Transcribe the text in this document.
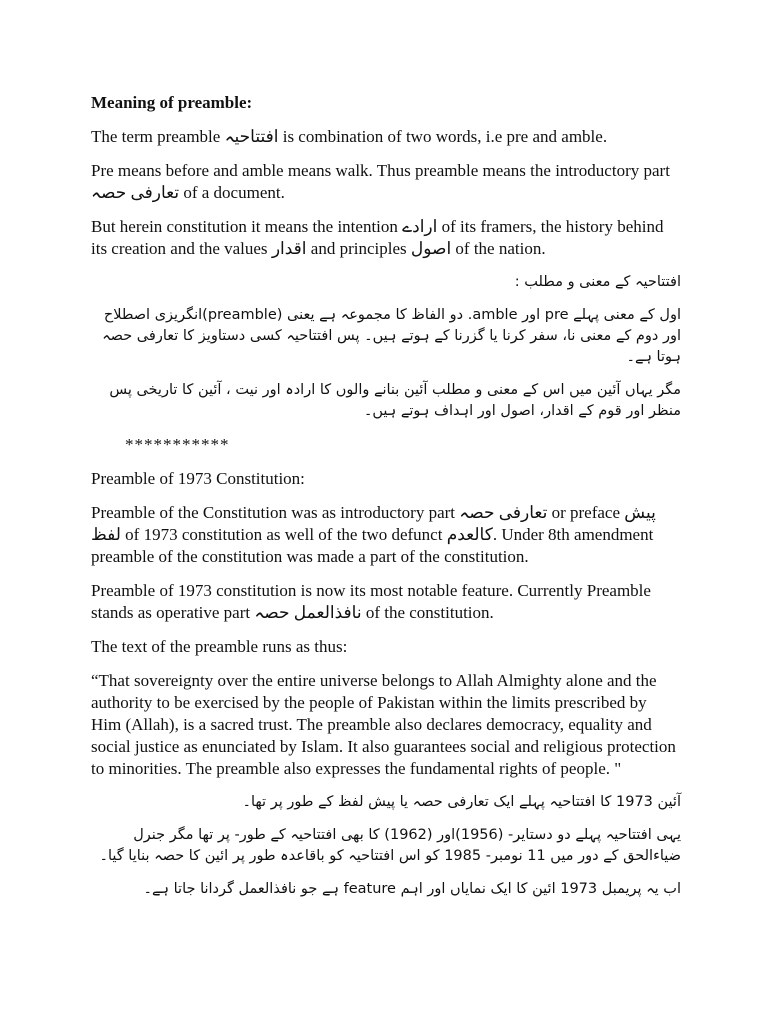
Meaning of preamble:

The term preamble افتتاحیہ is combination of two words, i.e pre and amble.

Pre means before and amble means walk. Thus preamble means the introductory part تعارفی حصہ of a document.

But herein constitution it means the intention ارادے of its framers, the history behind its creation and the values اقدار and principles اصول of the nation.

افتتاحیہ کے معنی و مطلب :

اول کے معنی پہلے pre اور amble. دو الفاظ کا مجموعہ ہے یعنی (preamble)انگریزی اصطلاح اور دوم کے معنی نا، سفر کرنا یا گزرنا کے ہوتے ہیں۔ پس افتتاحیہ کسی دستاویز کا تعارفی حصہ ہوتا ہے۔

مگر یہاں آئین میں اس کے معنی و مطلب آئین بنانے والوں کا ارادہ اور نیت ، آئین کا تاریخی پس منظر اور قوم کے اقدار، اصول اور اہداف ہوتے ہیں۔

***********

Preamble of 1973 Constitution:

Preamble of the Constitution was as introductory part تعارفی حصہ or preface پیش لفظ of 1973 constitution as well of the two defunct کالعدم. Under 8th amendment preamble of the constitution was made a part of the constitution.

Preamble of 1973 constitution is now its most notable feature. Currently Preamble stands as operative part نافذالعمل حصہ of the constitution.

The text of the preamble runs as thus:

“That sovereignty over the entire universe belongs to Allah Almighty alone and the authority to be exercised by the people of Pakistan within the limits prescribed by Him (Allah), is a sacred trust. The preamble also declares democracy, equality and social justice as enunciated by Islam. It also guarantees social and religious protection to minorities. The preamble also expresses the fundamental rights of people. "

آئین 1973 کا افتتاحیہ پہلے ایک تعارفی حصہ یا پیش لفظ کے طور پر تھا۔

یہی افتتاحیہ پہلے دو دستایر- (1956)اور (1962) کا بھی افتتاحیہ کے طور- پر تھا مگر جنرل ضیاءالحق کے دور میں 11 نومبر- 1985 کو اس افتتاحیہ کو باقاعدہ طور پر ائین کا حصہ بنایا گیا۔

اب یہ پریمبل 1973 ائین کا ایک نمایاں اور اہم feature ہے جو نافذالعمل گردانا جاتا ہے۔
